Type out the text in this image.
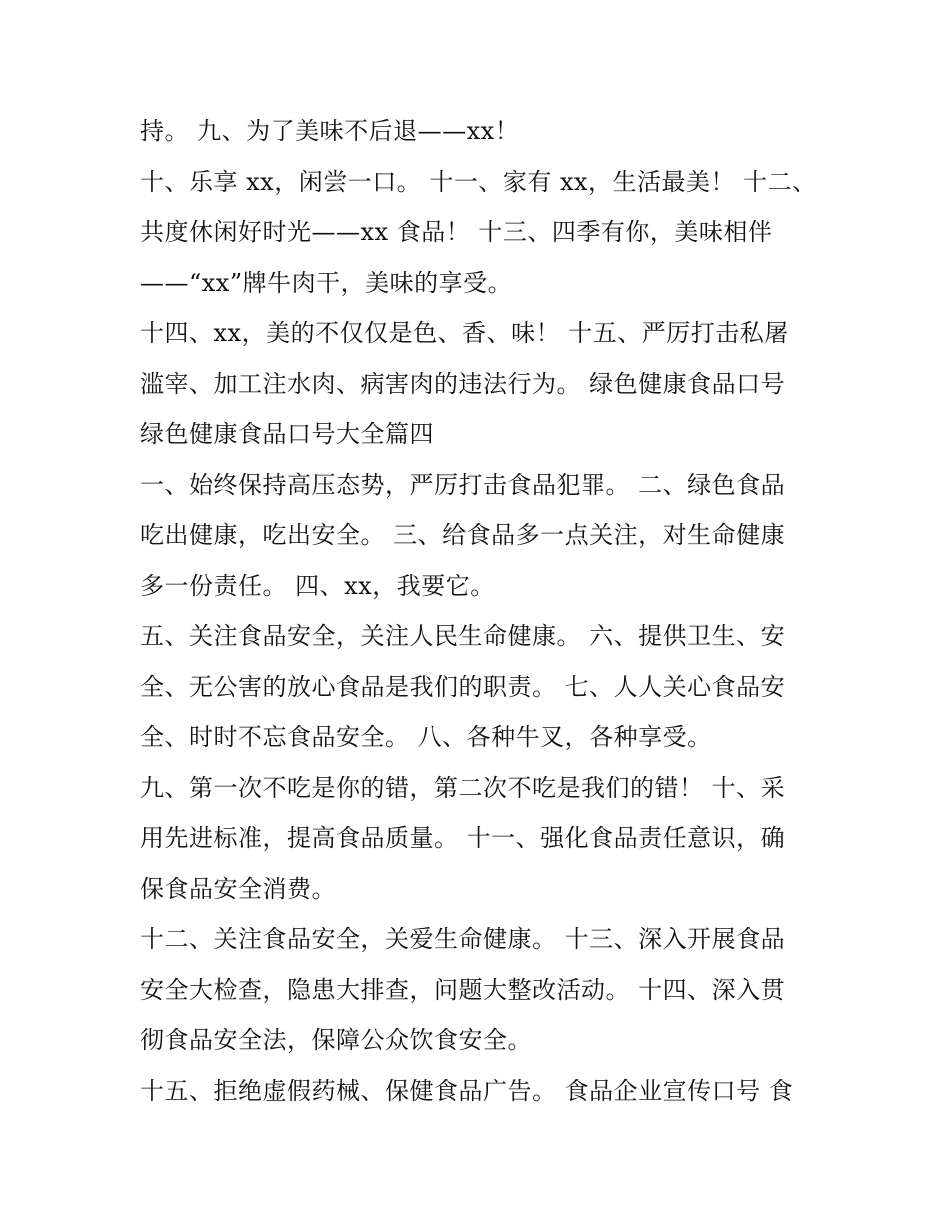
持。 九、为了美味不后退——xx！
十、乐享 xx，闲尝一口。 十一、家有 xx，生活最美！ 十二、
共度休闲好时光——xx 食品！ 十三、四季有你，美味相伴
——“xx”牌牛肉干，美味的享受。
十四、xx，美的不仅仅是色、香、味！ 十五、严厉打击私屠
滥宰、加工注水肉、病害肉的违法行为。 绿色健康食品口号
绿色健康食品口号大全篇四
一、始终保持高压态势，严厉打击食品犯罪。 二、绿色食品
吃出健康，吃出安全。 三、给食品多一点关注，对生命健康
多一份责任。 四、xx，我要它。
五、关注食品安全，关注人民生命健康。 六、提供卫生、安
全、无公害的放心食品是我们的职责。 七、人人关心食品安
全、时时不忘食品安全。 八、各种牛叉，各种享受。
九、第一次不吃是你的错，第二次不吃是我们的错！ 十、采
用先进标准，提高食品质量。 十一、强化食品责任意识，确
保食品安全消费。
十二、关注食品安全，关爱生命健康。 十三、深入开展食品
安全大检查，隐患大排查，问题大整改活动。 十四、深入贯
彻食品安全法，保障公众饮食安全。
十五、拒绝虚假药械、保健食品广告。 食品企业宣传口号 食
